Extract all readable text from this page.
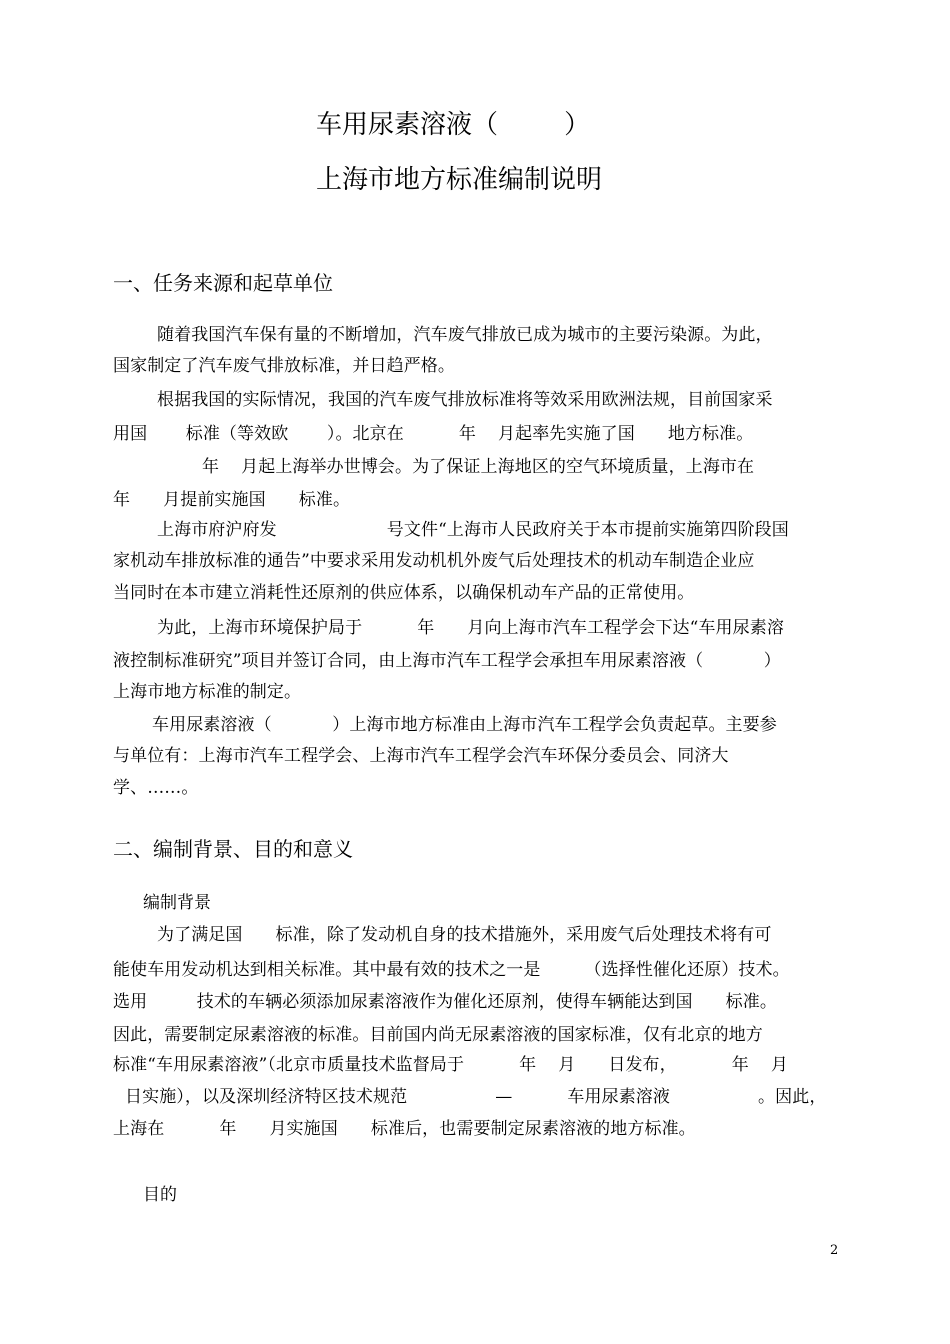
车用尿素溶液（        ）
上海市地方标准编制说明
一、任务来源和起草单位
随着我国汽车保有量的不断增加，汽车废气排放已成为城市的主要污染源。为此，
国家制定了汽车废气排放标准，并日趋严格。
根据我国的实际情况，我国的汽车废气排放标准将等效采用欧洲法规，目前国家采
用国       标准（等效欧       ）。北京在          年    月起率先实施了国      地方标准。
年    月起上海举办世博会。为了保证上海地区的空气环境质量，上海市在
年      月提前实施国      标准。
上海市府沪府发                    号文件“上海市人民政府关于本市提前实施第四阶段国
家机动车排放标准的通告”中要求采用发动机机外废气后处理技术的机动车制造企业应
当同时在本市建立消耗性还原剂的供应体系，以确保机动车产品的正常使用。
为此，上海市环境保护局于          年      月向上海市汽车工程学会下达“车用尿素溶
液控制标准研究”项目并签订合同，由上海市汽车工程学会承担车用尿素溶液（           ）
上海市地方标准的制定。
车用尿素溶液（           ）上海市地方标准由上海市汽车工程学会负责起草。主要参
与单位有：上海市汽车工程学会、上海市汽车工程学会汽车环保分委员会、同济大
学、……。
二、编制背景、目的和意义
编制背景
为了满足国      标准，除了发动机自身的技术措施外，采用废气后处理技术将有可
能使车用发动机达到相关标准。其中最有效的技术之一是        （选择性催化还原）技术。
选用         技术的车辆必须添加尿素溶液作为催化还原剂，使得车辆能达到国      标准。
因此，需要制定尿素溶液的标准。目前国内尚无尿素溶液的国家标准，仅有北京的地方
标准“车用尿素溶液”（北京市质量技术监督局于          年    月      日发布，          年    月
日实施），以及深圳经济特区技术规范                —          车用尿素溶液                。因此，
上海在          年      月实施国      标准后，也需要制定尿素溶液的地方标准。
目的
2
